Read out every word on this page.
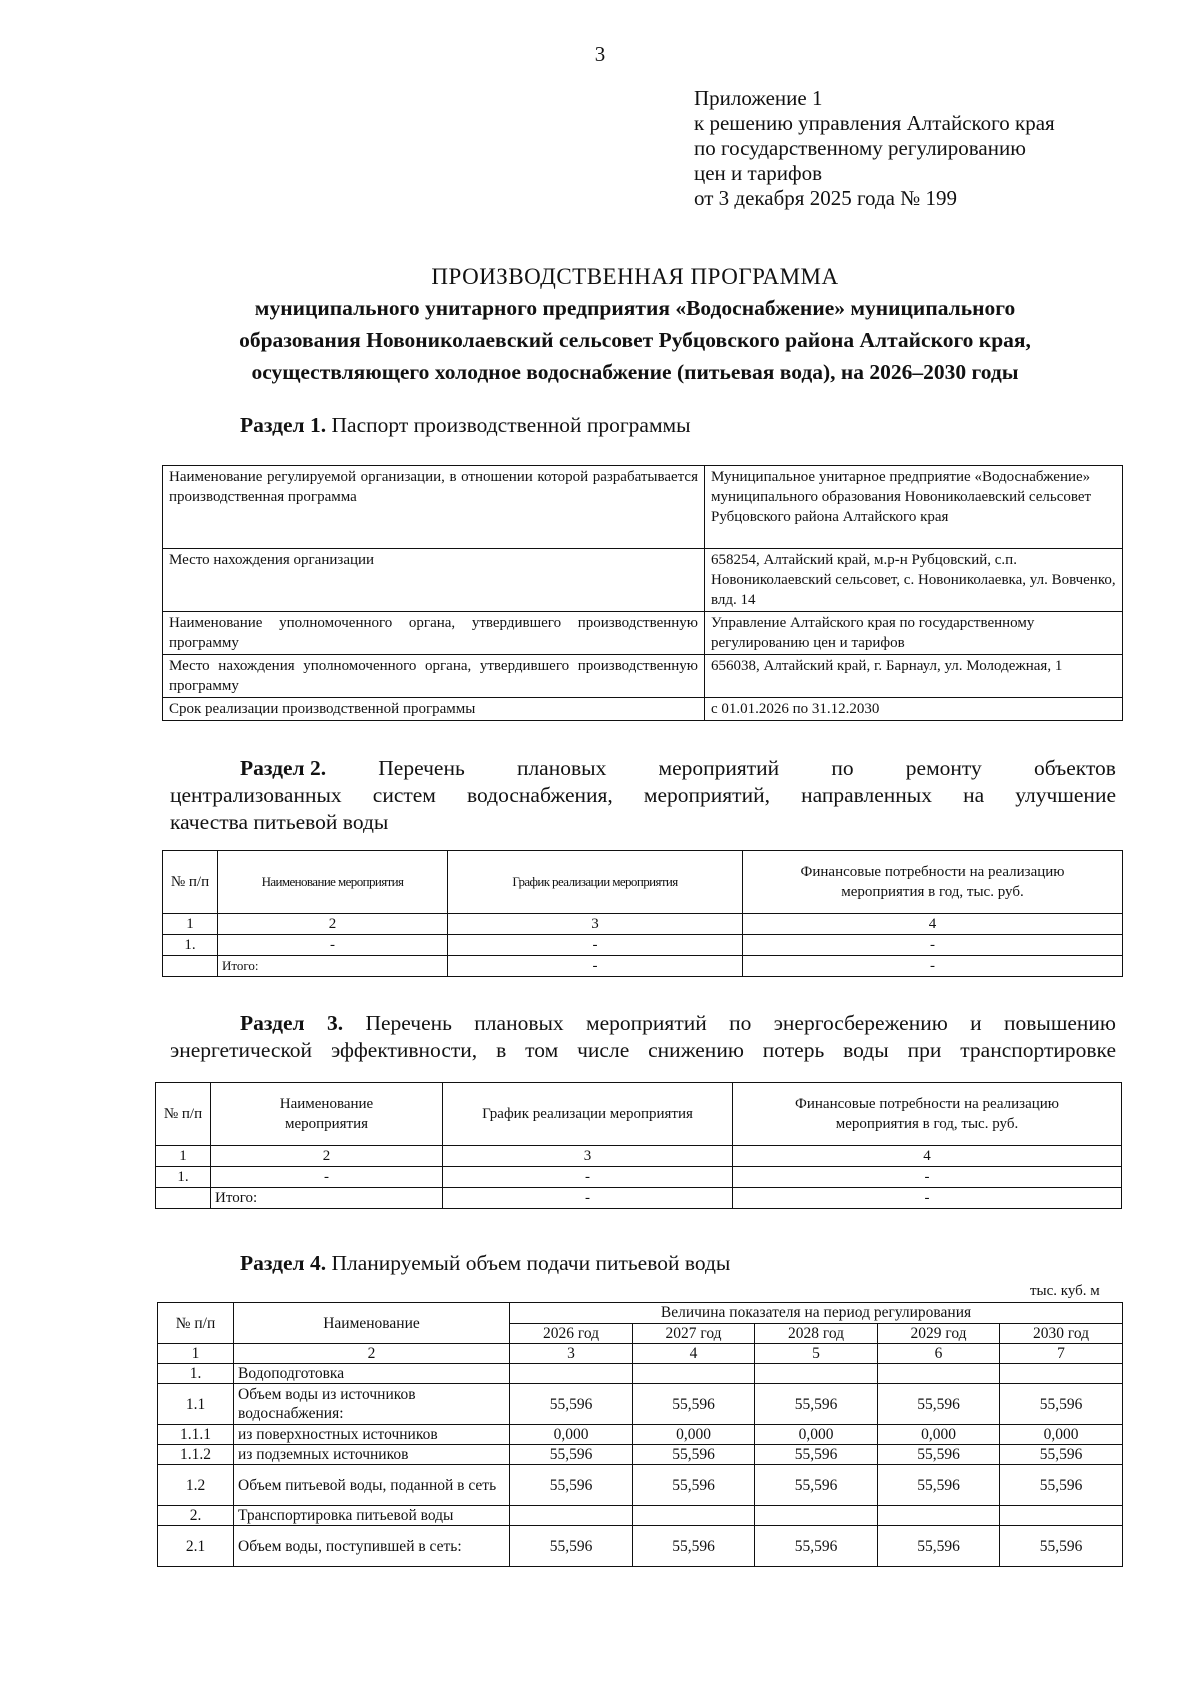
3
Приложение 1
к решению управления Алтайского края
по государственному регулированию
цен и тарифов
от 3 декабря 2025 года № 199
ПРОИЗВОДСТВЕННАЯ ПРОГРАММА
муниципального унитарного предприятия «Водоснабжение» муниципального
образования Новониколаевский сельсовет Рубцовского района Алтайского края,
осуществляющего холодное водоснабжение (питьевая вода), на 2026–2030 годы
Раздел 1. Паспорт производственной программы
Наименование регулируемой организации, в отношении которой разрабатывается производственная программа	Муниципальное унитарное предприятие «Водоснабжение» муниципального образования Новониколаевский сельсовет Рубцовского района Алтайского края
Место нахождения организации	658254, Алтайский край, м.р-н Рубцовский, с.п. Новониколаевский сельсовет, с. Новониколаевка, ул. Вовченко, влд. 14
Наименование уполномоченного органа, утвердившего производственную программу	Управление Алтайского края по государственному регулированию цен и тарифов
Место нахождения уполномоченного органа, утвердившего производственную программу	656038, Алтайский край, г. Барнаул, ул. Молодежная, 1
Срок реализации производственной программы	с 01.01.2026 по 31.12.2030
Раздел 2. Перечень плановых мероприятий по ремонту объектов
централизованных систем водоснабжения, мероприятий, направленных на улучшение
качества питьевой воды
№ п/п	Наименование мероприятия	График реализации мероприятия	Финансовые потребности на реализацию мероприятия в год, тыс. руб.
1	2	3	4
1.	-	-	-
	Итого:	-	-
Раздел 3. Перечень плановых мероприятий по энергосбережению и повышению
энергетической эффективности, в том числе снижению потерь воды при транспортировке
№ п/п	Наименование мероприятия	График реализации мероприятия	Финансовые потребности на реализацию мероприятия в год, тыс. руб.
1	2	3	4
1.	-	-	-
	Итого:	-	-
Раздел 4. Планируемый объем подачи питьевой воды
тыс. куб. м
№ п/п	Наименование	Величина показателя на период регулирования				
		2026 год	2027 год	2028 год	2029 год	2030 год
1	2	3	4	5	6	7
1.	Водоподготовка					
1.1	Объем воды из источников водоснабжения:	55,596	55,596	55,596	55,596	55,596
1.1.1	из поверхностных источников	0,000	0,000	0,000	0,000	0,000
1.1.2	из подземных источников	55,596	55,596	55,596	55,596	55,596
1.2	Объем питьевой воды, поданной в сеть	55,596	55,596	55,596	55,596	55,596
2.	Транспортировка питьевой воды					
2.1	Объем воды, поступившей в сеть:	55,596	55,596	55,596	55,596	55,596
